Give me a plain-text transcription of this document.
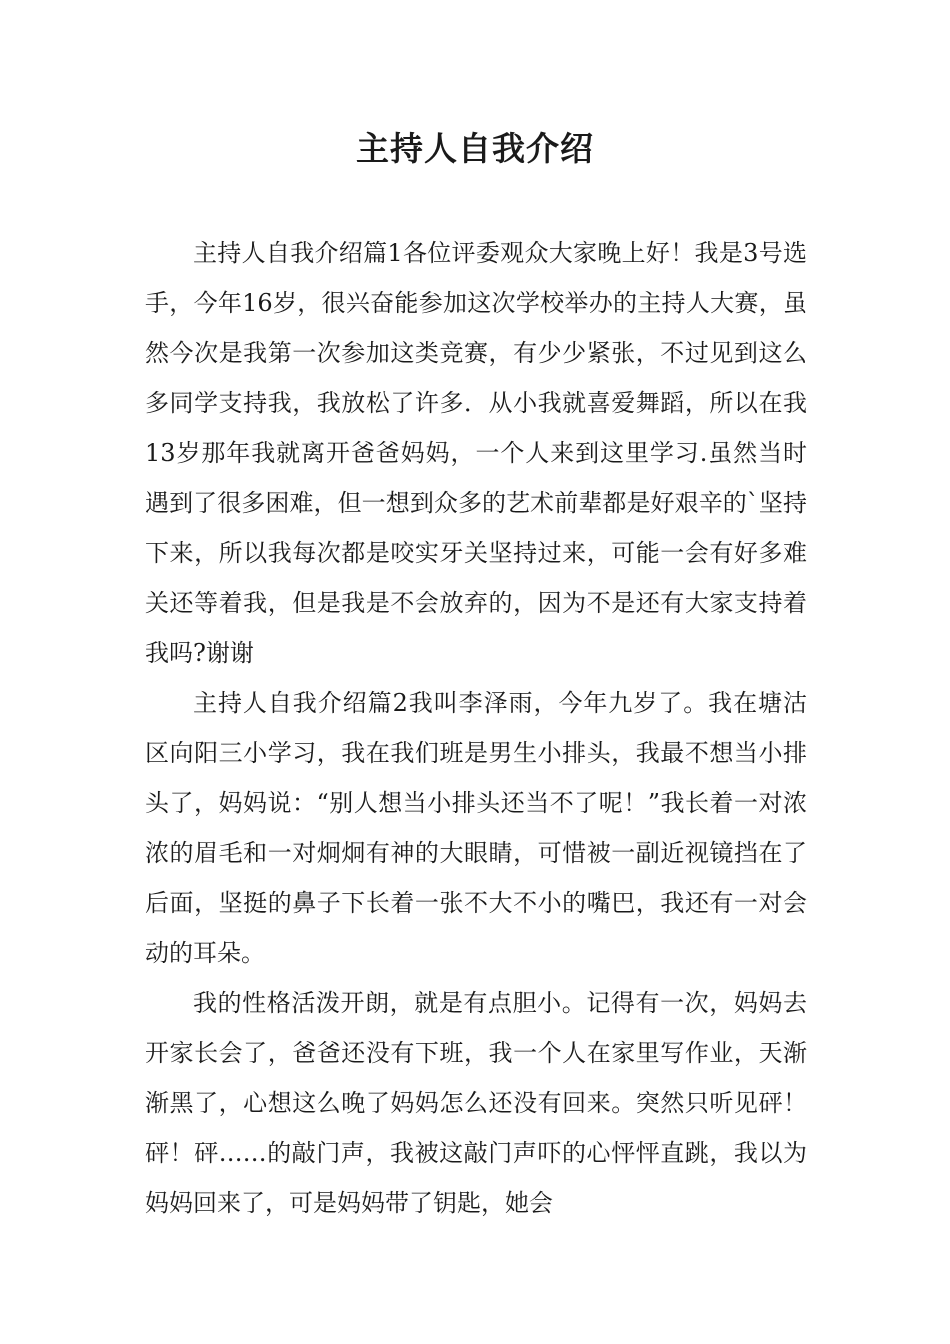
主持人自我介绍

主持人自我介绍篇1各位评委观众大家晚上好！我是3号选手，今年16岁，很兴奋能参加这次学校举办的主持人大赛，虽然今次是我第一次参加这类竞赛，有少少紧张，不过见到这么多同学支持我，我放松了许多．从小我就喜爱舞蹈，所以在我13岁那年我就离开爸爸妈妈，一个人来到这里学习.虽然当时遇到了很多困难，但一想到众多的艺术前辈都是好艰辛的`坚持下来，所以我每次都是咬实牙关坚持过来，可能一会有好多难关还等着我，但是我是不会放弃的，因为不是还有大家支持着我吗?谢谢

主持人自我介绍篇2我叫李泽雨，今年九岁了。我在塘沽区向阳三小学习，我在我们班是男生小排头，我最不想当小排头了，妈妈说：“别人想当小排头还当不了呢！”我长着一对浓浓的眉毛和一对炯炯有神的大眼睛，可惜被一副近视镜挡在了后面，坚挺的鼻子下长着一张不大不小的嘴巴，我还有一对会动的耳朵。

我的性格活泼开朗，就是有点胆小。记得有一次，妈妈去开家长会了，爸爸还没有下班，我一个人在家里写作业，天渐渐黑了，心想这么晚了妈妈怎么还没有回来。突然只听见砰！砰！砰……的敲门声，我被这敲门声吓的心怦怦直跳，我以为妈妈回来了，可是妈妈带了钥匙，她会
